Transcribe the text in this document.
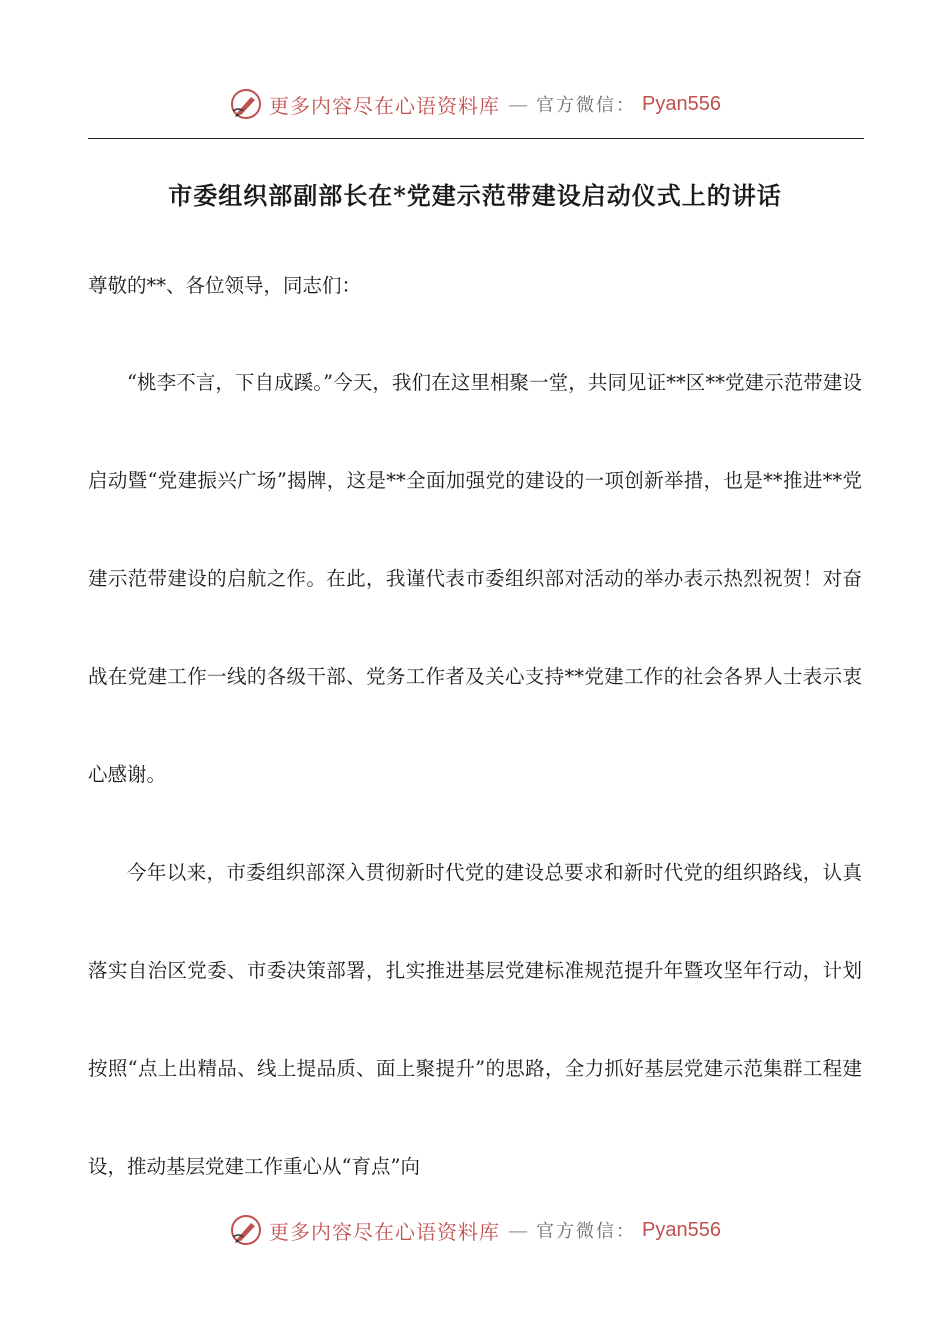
更多内容尽在心语资料库 — 官方微信： Pyan556
市委组织部副部长在*党建示范带建设启动仪式上的讲话

尊敬的**、各位领导，同志们：

“桃李不言，下自成蹊。”今天，我们在这里相聚一堂，共同见证**区**党建示范带建设启动暨“党建振兴广场”揭牌，这是**全面加强党的建设的一项创新举措，也是**推进**党建示范带建设的启航之作。在此，我谨代表市委组织部对活动的举办表示热烈祝贺！对奋战在党建工作一线的各级干部、党务工作者及关心支持**党建工作的社会各界人士表示衷心感谢。

今年以来，市委组织部深入贯彻新时代党的建设总要求和新时代党的组织路线，认真落实自治区党委、市委决策部署，扎实推进基层党建标准规范提升年暨攻坚年行动，计划按照“点上出精品、线上提品质、面上聚提升”的思路，全力抓好基层党建示范集群工程建设，推动基层党建工作重心从“育点”向

更多内容尽在心语资料库 — 官方微信： Pyan556
